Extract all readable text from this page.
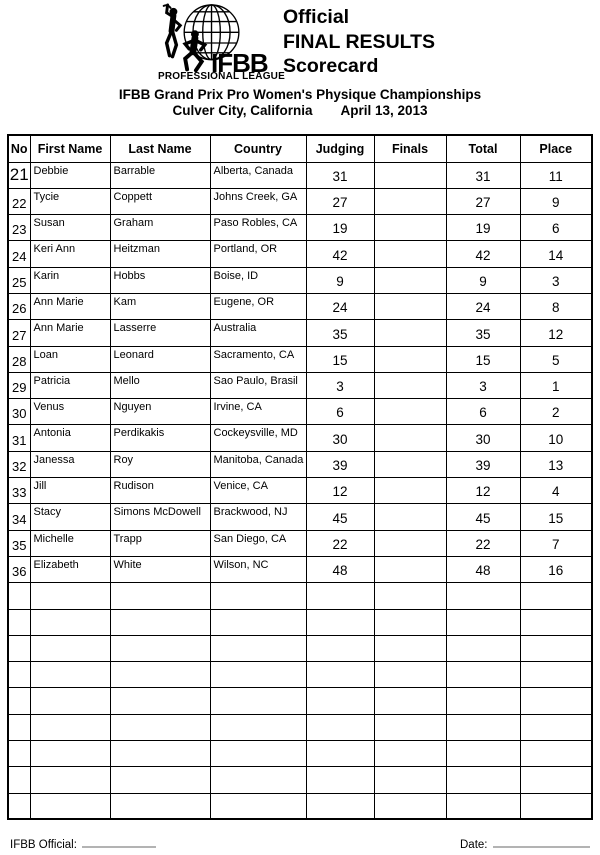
IFBB
PROFESSIONAL LEAGUE
Official
FINAL RESULTS
Scorecard
IFBB Grand Prix Pro Women's Physique Championships
Culver City, California April 13, 2013
No	First Name	Last Name	Country	Judging	Finals	Total	Place
21	Debbie	Barrable	Alberta, Canada	31		31	11
22	Tycie	Coppett	Johns Creek, GA	27		27	9
23	Susan	Graham	Paso Robles, CA	19		19	6
24	Keri Ann	Heitzman	Portland, OR	42		42	14
25	Karin	Hobbs	Boise, ID	9		9	3
26	Ann Marie	Kam	Eugene, OR	24		24	8
27	Ann Marie	Lasserre	Australia	35		35	12
28	Loan	Leonard	Sacramento, CA	15		15	5
29	Patricia	Mello	Sao Paulo, Brasil	3		3	1
30	Venus	Nguyen	Irvine, CA	6		6	2
31	Antonia	Perdikakis	Cockeysville, MD	30		30	10
32	Janessa	Roy	Manitoba, Canada	39		39	13
33	Jill	Rudison	Venice, CA	12		12	4
34	Stacy	Simons McDowell	Brackwood, NJ	45		45	15
35	Michelle	Trapp	San Diego, CA	22		22	7
36	Elizabeth	White	Wilson, NC	48		48	16

IFBB Official:	Date:
